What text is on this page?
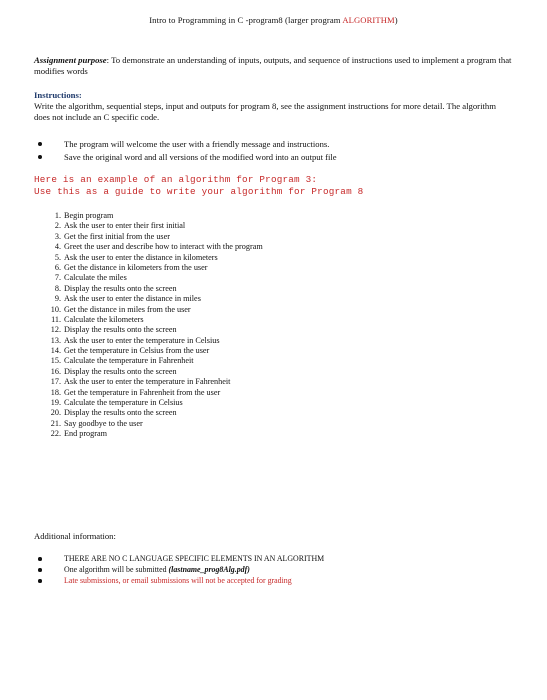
Intro to Programming in C -program8 (larger program ALGORITHM)
Assignment purpose: To demonstrate an understanding of inputs, outputs, and sequence of instructions used to implement a program that modifies words
Instructions:
Write the algorithm, sequential steps, input and outputs for program 8, see the assignment instructions for more detail. The algorithm does not include an C specific code.
The program will welcome the user with a friendly message and instructions.
Save the original word and all versions of the modified word into an output file
Here is an example of an algorithm for Program 3:
Use this as a guide to write your algorithm for Program 8
1. Begin program
2. Ask the user to enter their first initial
3. Get the first initial from the user
4. Greet the user and describe how to interact with the program
5. Ask the user to enter the distance in kilometers
6. Get the distance in kilometers from the user
7. Calculate the miles
8. Display the results onto the screen
9. Ask the user to enter the distance in miles
10. Get the distance in miles from the user
11. Calculate the kilometers
12. Display the results onto the screen
13. Ask the user to enter the temperature in Celsius
14. Get the temperature in Celsius from the user
15. Calculate the temperature in Fahrenheit
16. Display the results onto the screen
17. Ask the user to enter the temperature in Fahrenheit
18. Get the temperature in Fahrenheit from the user
19. Calculate the temperature in Celsius
20. Display the results onto the screen
21. Say goodbye to the user
22. End program
Additional information:
THERE ARE NO C LANGUAGE SPECIFIC ELEMENTS IN AN ALGORITHM
One algorithm will be submitted (lastname_prog8Alg.pdf)
Late submissions, or email submissions will not be accepted for grading
